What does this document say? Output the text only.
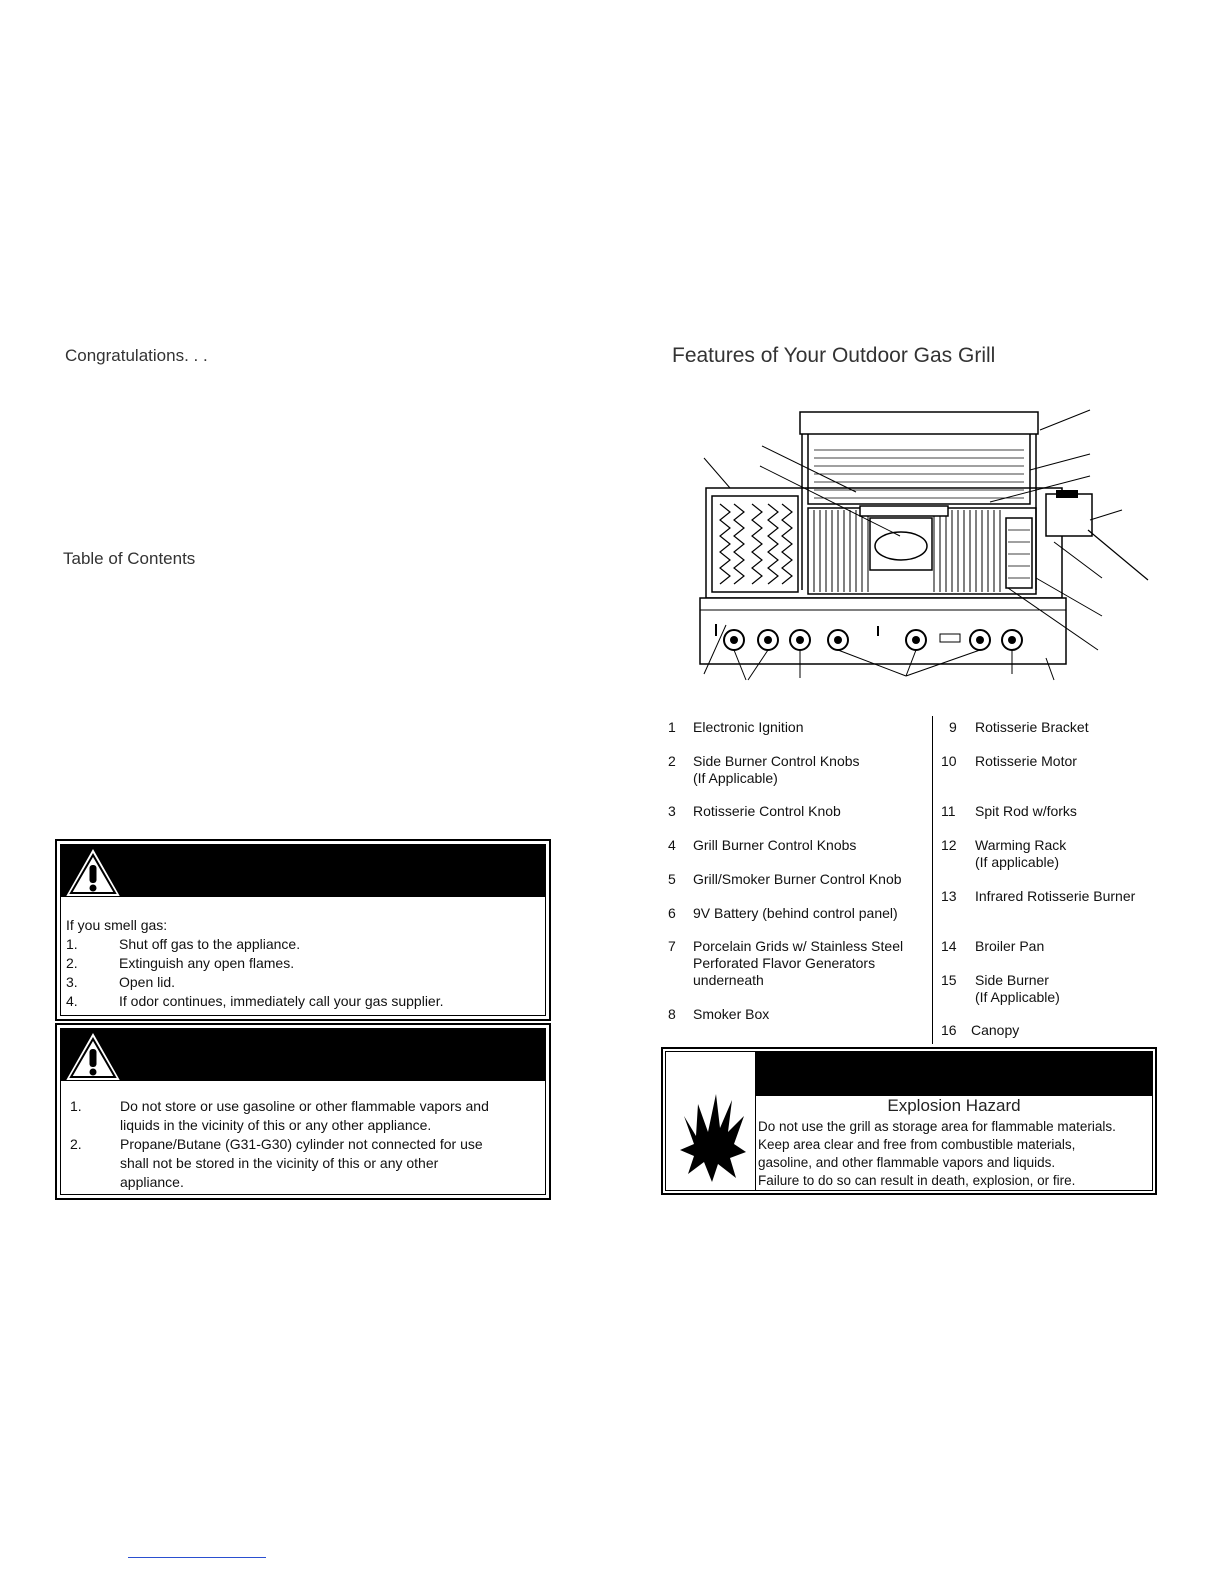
Congratulations. . .
Table of Contents
If you smell gas:
1.	Shut off gas to the appliance.
2.	Extinguish any open flames.
3.	Open lid.
4.	If odor continues, immediately call your gas supplier.
1.	Do not store or use gasoline or other flammable vapors and
liquids in the vicinity of this or any other appliance.
2.	Propane/Butane (G31-G30) cylinder not connected for use
shall not be stored in the vicinity of this or any other
appliance.
Features of Your Outdoor Gas Grill
1 Electronic Ignition
2 Side Burner Control Knobs
(If Applicable)
3 Rotisserie Control Knob
4 Grill Burner Control Knobs
5 Grill/Smoker Burner Control Knob
6 9V Battery (behind control panel)
7 Porcelain Grids w/ Stainless Steel
Perforated Flavor Generators
underneath
8 Smoker Box
9 Rotisserie Bracket
10 Rotisserie Motor
11 Spit Rod w/forks
12 Warming Rack
(If applicable)
13 Infrared Rotisserie Burner
14 Broiler Pan
15 Side Burner
(If Applicable)
16 Canopy
Explosion Hazard
Do not use the grill as storage area for flammable materials.
Keep area clear and free from combustible materials,
gasoline, and other flammable vapors and liquids.
Failure to do so can result in death, explosion, or fire.
